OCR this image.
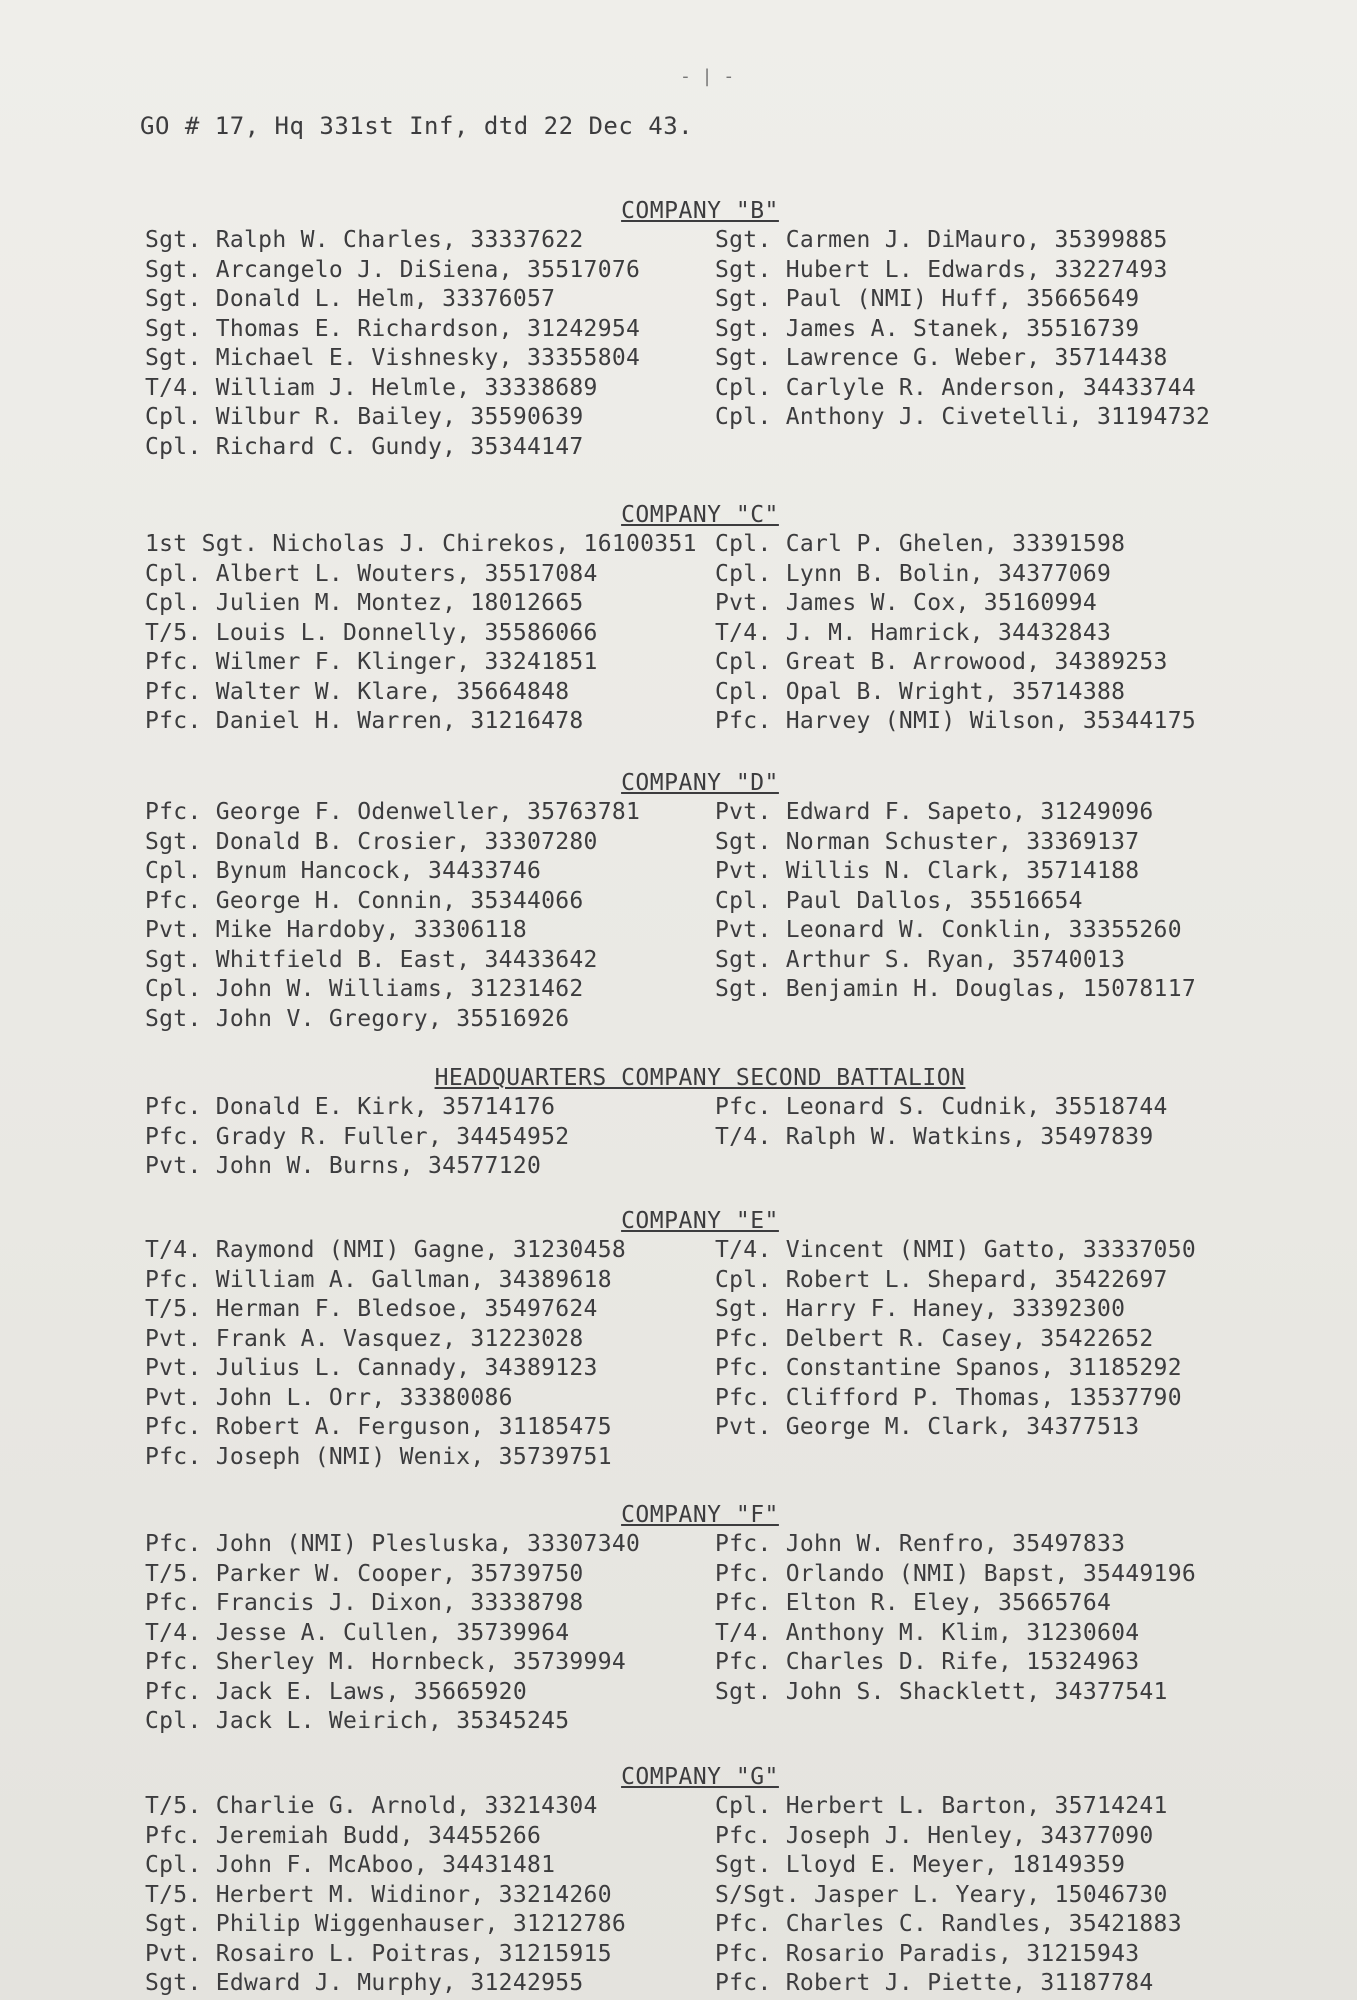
- | -
GO # 17, Hq 331st Inf, dtd 22 Dec 43.
COMPANY "B"
Sgt. Ralph W. Charles, 33337622
Sgt. Arcangelo J. DiSiena, 35517076
Sgt. Donald L. Helm, 33376057
Sgt. Thomas E. Richardson, 31242954
Sgt. Michael E. Vishnesky, 33355804
T/4. William J. Helmle, 33338689
Cpl. Wilbur R. Bailey, 35590639
Cpl. Richard C. Gundy, 35344147
Sgt. Carmen J. DiMauro, 35399885
Sgt. Hubert L. Edwards, 33227493
Sgt. Paul (NMI) Huff, 35665649
Sgt. James A. Stanek, 35516739
Sgt. Lawrence G. Weber, 35714438
Cpl. Carlyle R. Anderson, 34433744
Cpl. Anthony J. Civetelli, 31194732
COMPANY "C"
1st Sgt. Nicholas J. Chirekos, 16100351
Cpl. Albert L. Wouters, 35517084
Cpl. Julien M. Montez, 18012665
T/5. Louis L. Donnelly, 35586066
Pfc. Wilmer F. Klinger, 33241851
Pfc. Walter W. Klare, 35664848
Pfc. Daniel H. Warren, 31216478
Cpl. Carl P. Ghelen, 33391598
Cpl. Lynn B. Bolin, 34377069
Pvt. James W. Cox, 35160994
T/4. J. M. Hamrick, 34432843
Cpl. Great B. Arrowood, 34389253
Cpl. Opal B. Wright, 35714388
Pfc. Harvey (NMI) Wilson, 35344175
COMPANY "D"
Pfc. George F. Odenweller, 35763781
Sgt. Donald B. Crosier, 33307280
Cpl. Bynum Hancock, 34433746
Pfc. George H. Connin, 35344066
Pvt. Mike Hardoby, 33306118
Sgt. Whitfield B. East, 34433642
Cpl. John W. Williams, 31231462
Sgt. John V. Gregory, 35516926
Pvt. Edward F. Sapeto, 31249096
Sgt. Norman Schuster, 33369137
Pvt. Willis N. Clark, 35714188
Cpl. Paul Dallos, 35516654
Pvt. Leonard W. Conklin, 33355260
Sgt. Arthur S. Ryan, 35740013
Sgt. Benjamin H. Douglas, 15078117
HEADQUARTERS COMPANY SECOND BATTALION
Pfc. Donald E. Kirk, 35714176
Pfc. Grady R. Fuller, 34454952
Pvt. John W. Burns, 34577120
Pfc. Leonard S. Cudnik, 35518744
T/4. Ralph W. Watkins, 35497839
COMPANY "E"
T/4. Raymond (NMI) Gagne, 31230458
Pfc. William A. Gallman, 34389618
T/5. Herman F. Bledsoe, 35497624
Pvt. Frank A. Vasquez, 31223028
Pvt. Julius L. Cannady, 34389123
Pvt. John L. Orr, 33380086
Pfc. Robert A. Ferguson, 31185475
Pfc. Joseph (NMI) Wenix, 35739751
T/4. Vincent (NMI) Gatto, 33337050
Cpl. Robert L. Shepard, 35422697
Sgt. Harry F. Haney, 33392300
Pfc. Delbert R. Casey, 35422652
Pfc. Constantine Spanos, 31185292
Pfc. Clifford P. Thomas, 13537790
Pvt. George M. Clark, 34377513
COMPANY "F"
Pfc. John (NMI) Plesluska, 33307340
T/5. Parker W. Cooper, 35739750
Pfc. Francis J. Dixon, 33338798
T/4. Jesse A. Cullen, 35739964
Pfc. Sherley M. Hornbeck, 35739994
Pfc. Jack E. Laws, 35665920
Cpl. Jack L. Weirich, 35345245
Pfc. John W. Renfro, 35497833
Pfc. Orlando (NMI) Bapst, 35449196
Pfc. Elton R. Eley, 35665764
T/4. Anthony M. Klim, 31230604
Pfc. Charles D. Rife, 15324963
Sgt. John S. Shacklett, 34377541
COMPANY "G"
T/5. Charlie G. Arnold, 33214304
Pfc. Jeremiah Budd, 34455266
Cpl. John F. McAboo, 34431481
T/5. Herbert M. Widinor, 33214260
Sgt. Philip Wiggenhauser, 31212786
Pvt. Rosairo L. Poitras, 31215915
Sgt. Edward J. Murphy, 31242955
Cpl. Herbert L. Barton, 35714241
Pfc. Joseph J. Henley, 34377090
Sgt. Lloyd E. Meyer, 18149359
S/Sgt. Jasper L. Yeary, 15046730
Pfc. Charles C. Randles, 35421883
Pfc. Rosario Paradis, 31215943
Pfc. Robert J. Piette, 31187784
